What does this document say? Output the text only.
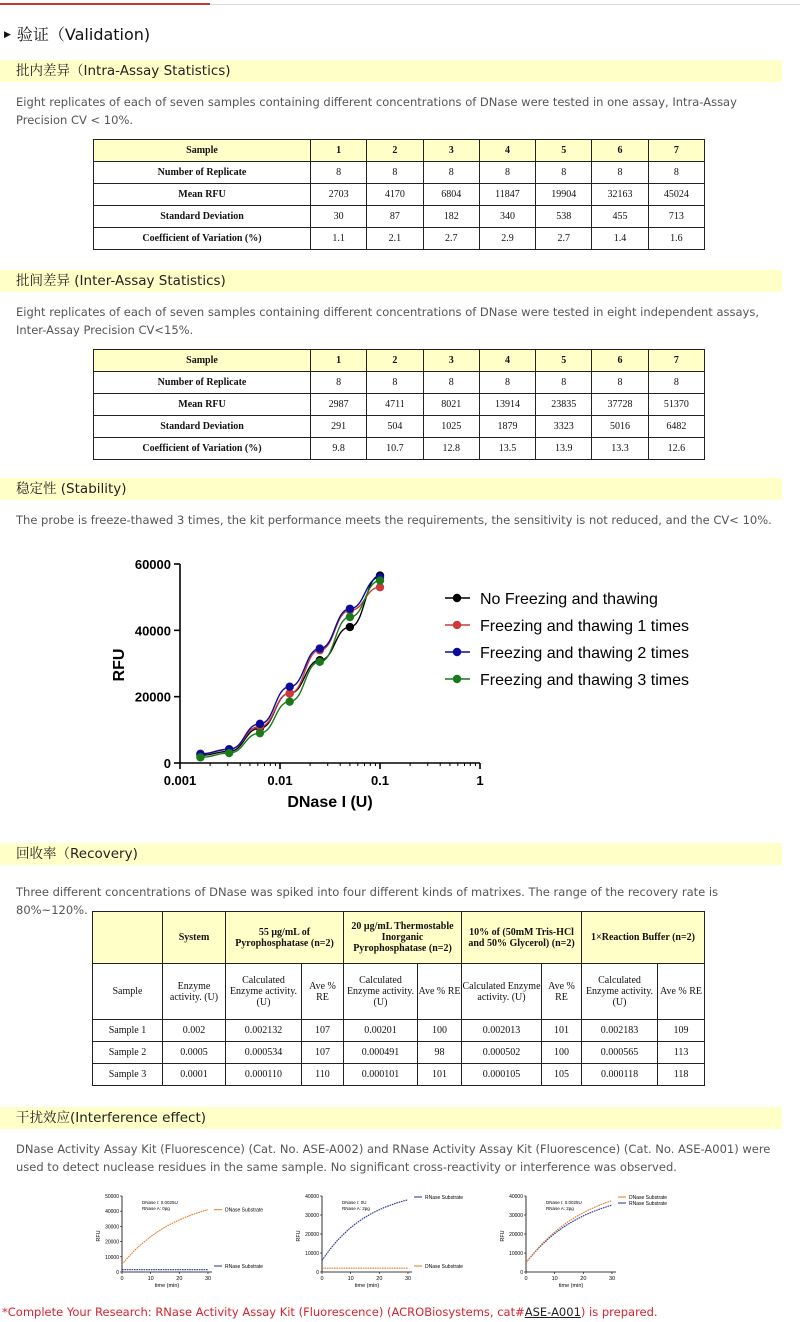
▶ 验证（Validation)
批内差异（Intra-Assay Statistics)
Eight replicates of each of seven samples containing different concentrations of DNase were tested in one assay, Intra-Assay Precision CV < 10%.
Sample	1	2	3	4	5	6	7
Number of Replicate	8	8	8	8	8	8	8
Mean RFU	2703	4170	6804	11847	19904	32163	45024
Standard Deviation	30	87	182	340	538	455	713
Coefficient of Variation (%)	1.1	2.1	2.7	2.9	2.7	1.4	1.6
批间差异 (Inter-Assay Statistics)
Eight replicates of each of seven samples containing different concentrations of DNase were tested in eight independent assays, Inter-Assay Precision CV<15%.
Sample	1	2	3	4	5	6	7
Number of Replicate	8	8	8	8	8	8	8
Mean RFU	2987	4711	8021	13914	23835	37728	51370
Standard Deviation	291	504	1025	1879	3323	5016	6482
Coefficient of Variation (%)	9.8	10.7	12.8	13.5	13.9	13.3	12.6
稳定性 (Stability)
The probe is freeze-thawed 3 times, the kit performance meets the requirements, the sensitivity is not reduced, and the CV< 10%.
0
20000
40000
60000
0.001	0.01	0.1	1
RFU
DNase I (U)
No Freezing and thawing
Freezing and thawing 1 times
Freezing and thawing 2 times
Freezing and thawing 3 times
回收率（Recovery)
Three different concentrations of DNase was spiked into four different kinds of matrixes. The range of the recovery rate is 80%~120%.
	System	55 μg/mL of Pyrophosphatase (n=2)		20 μg/mL Thermostable Inorganic Pyrophosphatase (n=2)		10% of (50mM Tris-HCl and 50% Glycerol) (n=2)		1×Reaction Buffer (n=2)	
Sample	Enzyme activity. (U)	Calculated Enzyme activity. (U)	Ave % RE	Calculated Enzyme activity. (U)	Ave % RE	Calculated Enzyme activity. (U)	Ave % RE	Calculated Enzyme activity. (U)	Ave % RE
Sample 1	0.002	0.002132	107	0.00201	100	0.002013	101	0.002183	109
Sample 2	0.0005	0.000534	107	0.000491	98	0.000502	100	0.000565	113
Sample 3	0.0001	0.000110	110	0.000101	101	0.000105	105	0.000118	118
干扰效应(Interference effect)
DNase Activity Assay Kit (Fluorescence) (Cat. No. ASE-A002) and RNase Activity Assay Kit (Fluorescence) (Cat. No. ASE-A001) were used to detect nuclease residues in the same sample. No significant cross-reactivity or interference was observed.
0
10000
20000
30000
40000
50000
0	10	20	30
time (min)
RFU
DNase I: 0.0025U
RNase A: 0pg	DNase Substrate
RNase Substrate
0
10000
20000
30000
40000
0	10	20	30
time (min)
RFU
DNase I: 0U
RNase A: 2pg
RNase Substrate
DNase Substrate
0
10000
20000
30000
40000
0	10	20	30
time (min)
RFU
DNase I: 0.0025U
RNase A: 2pg
DNase Substrate
RNase Substrate
*Complete Your Research: RNase Activity Assay Kit (Fluorescence) (ACROBiosystems, cat#ASE-A001) is prepared.
